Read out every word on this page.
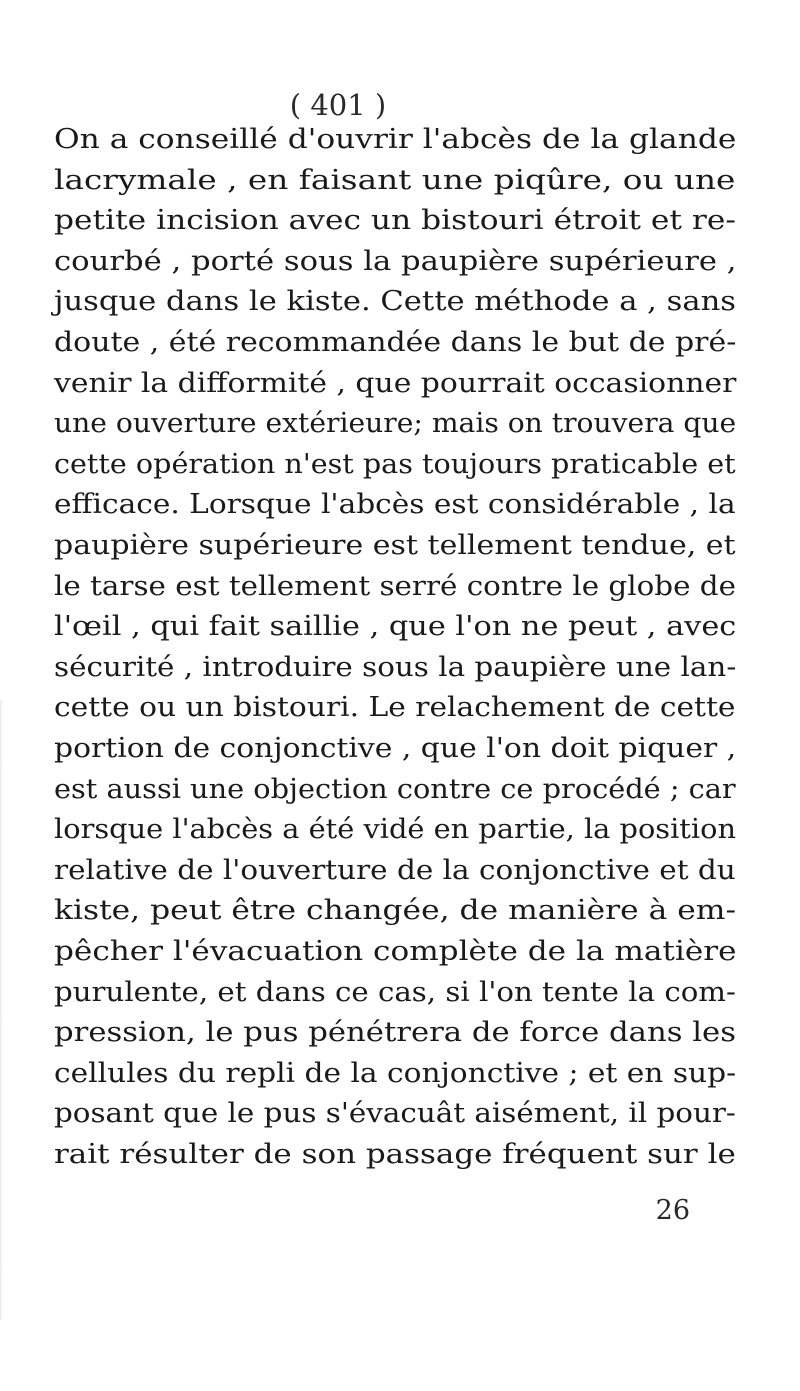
( 401 )
On a conseillé d'ouvrir l'abcès de la glande
lacrymale , en faisant une piqûre, ou une
petite incision avec un bistouri étroit et re-
courbé , porté sous la paupière supérieure ,
jusque dans le kiste. Cette méthode a , sans
doute , été recommandée dans le but de pré-
venir la difformité , que pourrait occasionner
une ouverture extérieure; mais on trouvera que
cette opération n'est pas toujours praticable et
efficace. Lorsque l'abcès est considérable , la
paupière supérieure est tellement tendue, et
le tarse est tellement serré contre le globe de
l'œil , qui fait saillie , que l'on ne peut , avec
sécurité , introduire sous la paupière une lan-
cette ou un bistouri. Le relachement de cette
portion de conjonctive , que l'on doit piquer ,
est aussi une objection contre ce procédé ; car
lorsque l'abcès a été vidé en partie, la position
relative de l'ouverture de la conjonctive et du
kiste, peut être changée, de manière à em-
pêcher l'évacuation complète de la matière
purulente, et dans ce cas, si l'on tente la com-
pression, le pus pénétrera de force dans les
cellules du repli de la conjonctive ; et en sup-
posant que le pus s'évacuât aisément, il pour-
rait résulter de son passage fréquent sur le
26
